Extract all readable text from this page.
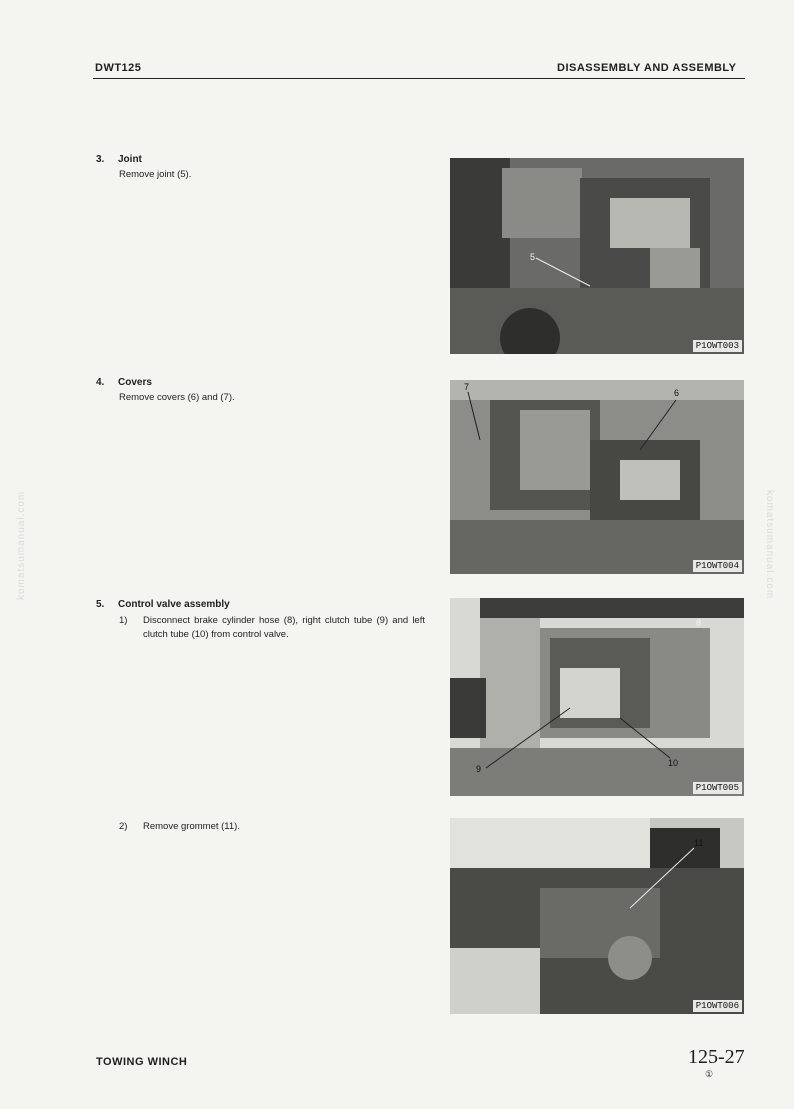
DWT125	DISASSEMBLY AND ASSEMBLY
komatsumanual.com	komatsumanual.com
3. Joint
Remove joint (5).
5
P1OWT003
4. Covers
Remove covers (6) and (7).
7
6
P1OWT004
5. Control valve assembly
1)	Disconnect brake cylinder hose (8), right clutch tube (9) and left clutch tube (10) from control valve.
8
9
10
P1OWT005
2)	Remove grommet (11).
11
P1OWT006
TOWING WINCH	125-27
①
